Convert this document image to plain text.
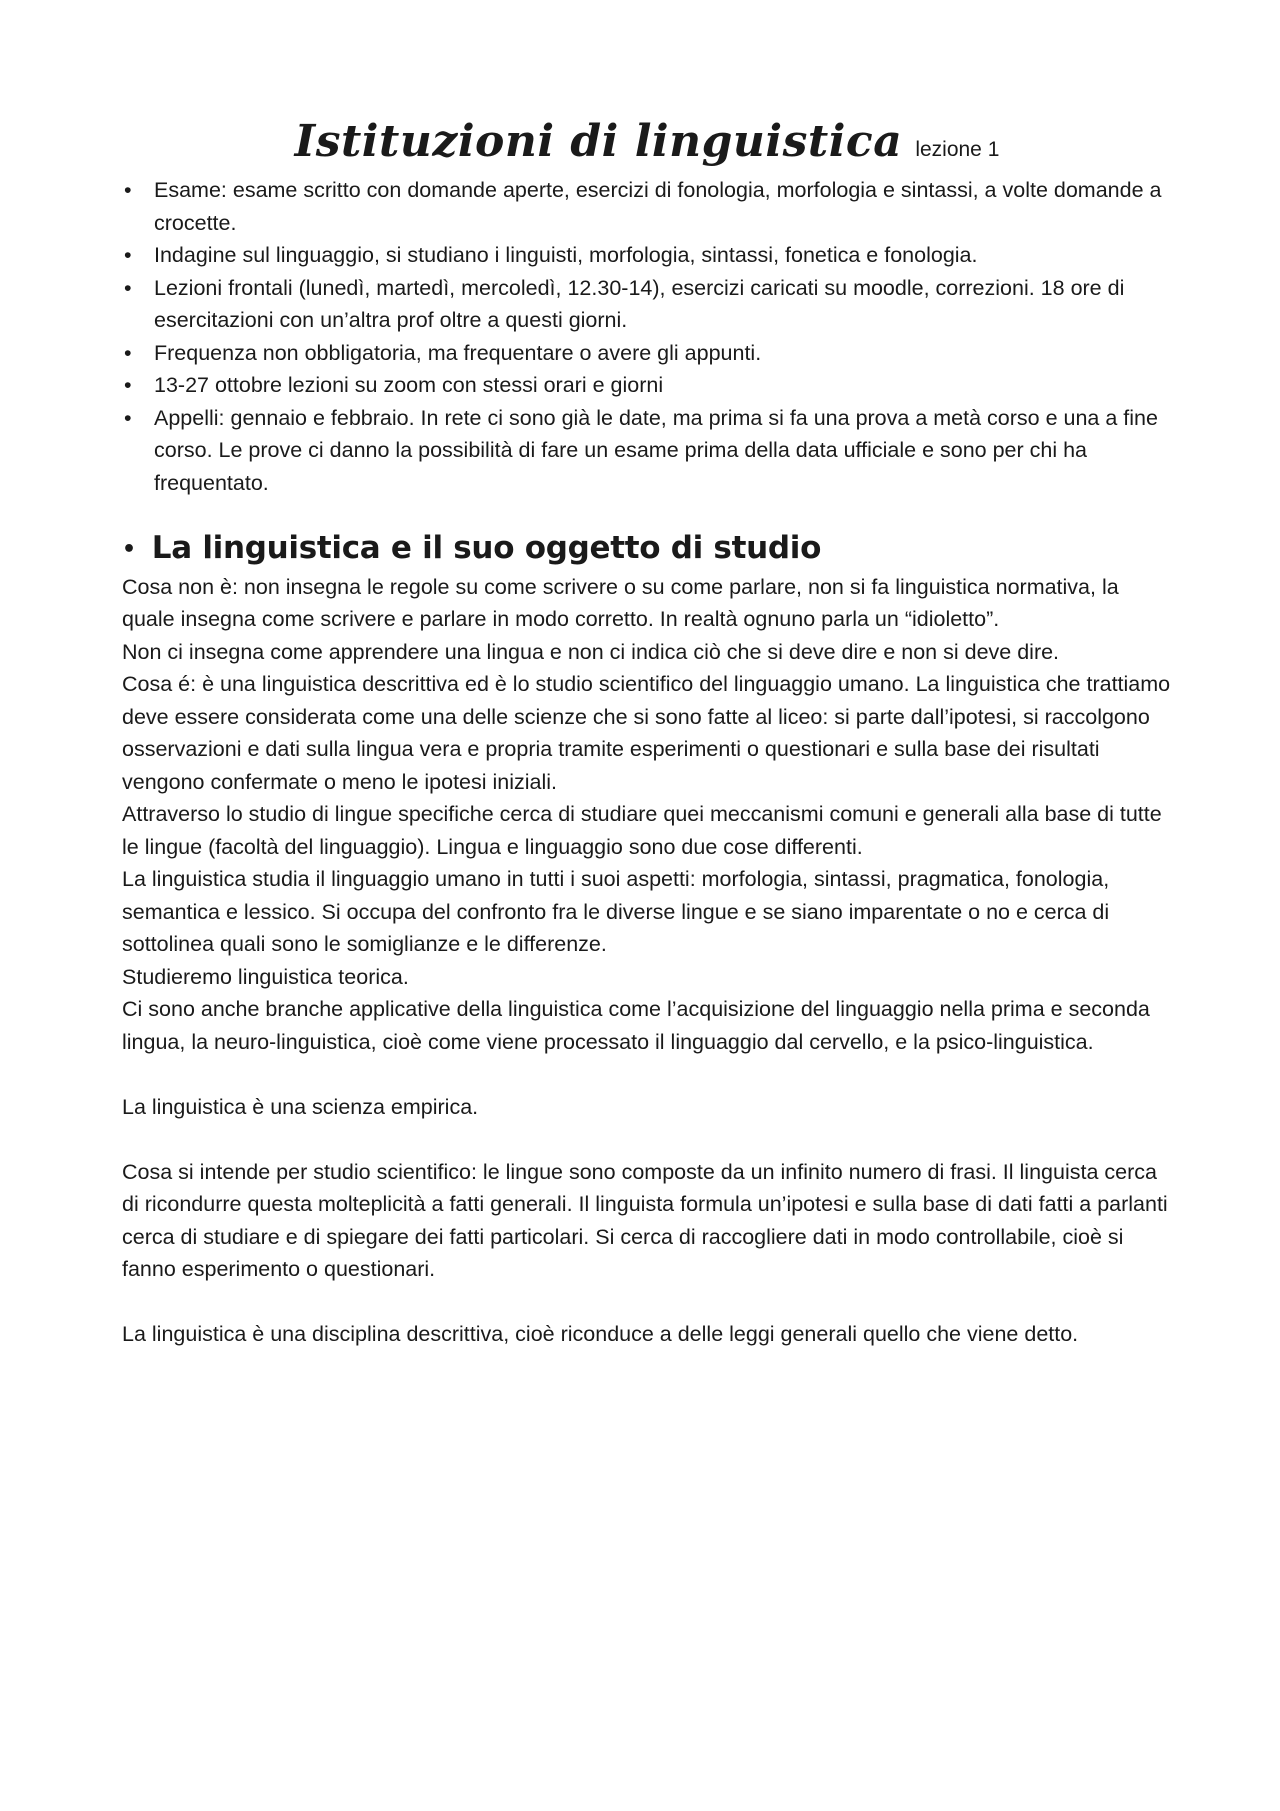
Istituzioni di linguistica lezione 1
• Esame: esame scritto con domande aperte, esercizi di fonologia, morfologia e sintassi, a volte domande a crocette.
• Indagine sul linguaggio, si studiano i linguisti, morfologia, sintassi, fonetica e fonologia.
• Lezioni frontali (lunedì, martedì, mercoledì, 12.30-14), esercizi caricati su moodle, correzioni. 18 ore di esercitazioni con un’altra prof oltre a questi giorni.
• Frequenza non obbligatoria, ma frequentare o avere gli appunti.
• 13-27 ottobre lezioni su zoom con stessi orari e giorni
• Appelli: gennaio e febbraio. In rete ci sono già le date, ma prima si fa una prova a metà corso e una a fine corso. Le prove ci danno la possibilità di fare un esame prima della data ufficiale e sono per chi ha frequentato.
• La linguistica e il suo oggetto di studio

Cosa non è: non insegna le regole su come scrivere o su come parlare, non si fa linguistica normativa, la quale insegna come scrivere e parlare in modo corretto. In realtà ognuno parla un “idioletto”.

Non ci insegna come apprendere una lingua e non ci indica ciò che si deve dire e non si deve dire.

Cosa é: è una linguistica descrittiva ed è lo studio scientifico del linguaggio umano. La linguistica che trattiamo deve essere considerata come una delle scienze che si sono fatte al liceo: si parte dall’ipotesi, si raccolgono osservazioni e dati sulla lingua vera e propria tramite esperimenti o questionari e sulla base dei risultati vengono confermate o meno le ipotesi iniziali.

Attraverso lo studio di lingue specifiche cerca di studiare quei meccanismi comuni e generali alla base di tutte le lingue (facoltà del linguaggio). Lingua e linguaggio sono due cose differenti.

La linguistica studia il linguaggio umano in tutti i suoi aspetti: morfologia, sintassi, pragmatica, fonologia, semantica e lessico. Si occupa del confronto fra le diverse lingue e se siano imparentate o no e cerca di sottolinea quali sono le somiglianze e le differenze.

Studieremo linguistica teorica.

Ci sono anche branche applicative della linguistica come l’acquisizione del linguaggio nella prima e seconda lingua, la neuro-linguistica, cioè come viene processato il linguaggio dal cervello, e la psico-linguistica.

La linguistica è una scienza empirica.

Cosa si intende per studio scientifico: le lingue sono composte da un infinito numero di frasi. Il linguista cerca di ricondurre questa molteplicità a fatti generali. Il linguista formula un’ipotesi e sulla base di dati fatti a parlanti cerca di studiare e di spiegare dei fatti particolari. Si cerca di raccogliere dati in modo controllabile, cioè si fanno esperimento o questionari.

La linguistica è una disciplina descrittiva, cioè riconduce a delle leggi generali quello che viene detto.
